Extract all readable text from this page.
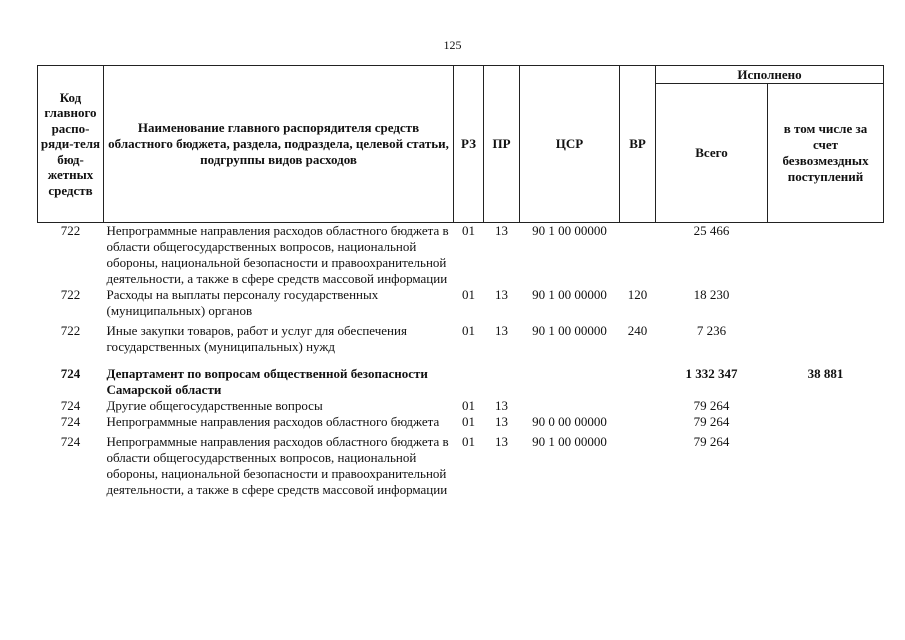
125
Код главного распо-ряди-теля бюд-жетных средств	Наименование главного распорядителя средств областного бюджета, раздела, подраздела, целевой статьи, подгруппы видов расходов	РЗ	ПР	ЦСР	ВР	Исполнено	
						Всего	в том числе за счет безвозмездных поступлений
722	Непрограммные направления расходов областного бюджета в области общегосударственных вопросов, национальной обороны, национальной безопасности и правоохранительной деятельности, а также в сфере средств массовой информации	01	13	90 1 00 00000		25 466	
722	Расходы на выплаты персоналу государственных (муниципальных) органов	01	13	90 1 00 00000	120	18 230	
722	Иные закупки товаров, работ и услуг для обеспечения государственных (муниципальных) нужд	01	13	90 1 00 00000	240	7 236	
724	Департамент по вопросам общественной безопасности Самарской области					1 332 347	38 881
724	Другие общегосударственные вопросы	01	13			79 264	
724	Непрограммные направления расходов областного бюджета	01	13	90 0 00 00000		79 264	
724	Непрограммные направления расходов областного бюджета в области общегосударственных вопросов, национальной обороны, национальной безопасности и правоохранительной деятельности, а также в сфере средств массовой информации	01	13	90 1 00 00000		79 264	
